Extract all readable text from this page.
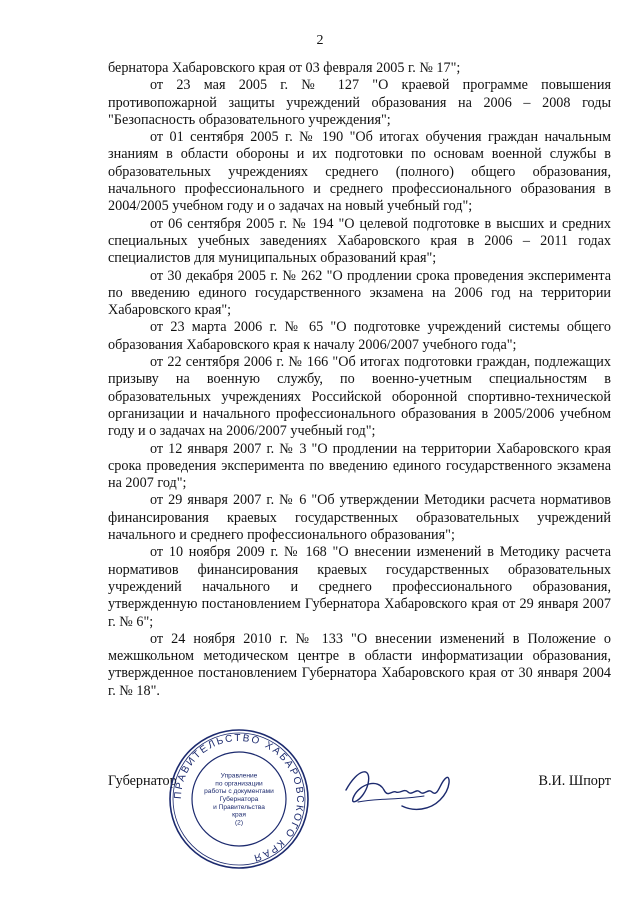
2

бернатора Хабаровского края от 03 февраля 2005 г. № 17";

от 23 мая 2005 г. № 127 "О краевой программе повышения противопожарной защиты учреждений образования на 2006 – 2008 годы "Безопасность образовательного учреждения";

от 01 сентября 2005 г. № 190 "Об итогах обучения граждан начальным знаниям в области обороны и их подготовки по основам военной службы в образовательных учреждениях среднего (полного) общего образования, начального профессионального и среднего профессионального образования в 2004/2005 учебном году и о задачах на новый учебный год";

от 06 сентября 2005 г. № 194 "О целевой подготовке в высших и средних специальных учебных заведениях Хабаровского края в 2006 – 2011 годах специалистов для муниципальных образований края";

от 30 декабря 2005 г. № 262 "О продлении срока проведения эксперимента по введению единого государственного экзамена на 2006 год на территории Хабаровского края";

от 23 марта 2006 г. № 65 "О подготовке учреждений системы общего образования Хабаровского края к началу 2006/2007 учебного года";

от 22 сентября 2006 г. № 166 "Об итогах подготовки граждан, подлежащих призыву на военную службу, по военно-учетным специальностям в образовательных учреждениях Российской оборонной спортивно-технической организации и начального профессионального образования в 2005/2006 учебном году и о задачах на 2006/2007 учебный год";

от 12 января 2007 г. № 3 "О продлении на территории Хабаровского края срока проведения эксперимента по введению единого государственного экзамена на 2007 год";

от 29 января 2007 г. № 6 "Об утверждении Методики расчета нормативов финансирования краевых государственных образовательных учреждений начального и среднего профессионального образования";

от 10 ноября 2009 г. № 168 "О внесении изменений в Методику расчета нормативов финансирования краевых государственных образовательных учреждений начального и среднего профессионального образования, утвержденную постановлением Губернатора Хабаровского края от 29 января 2007 г. № 6";

от 24 ноября 2010 г. № 133 "О внесении изменений в Положение о межшкольном методическом центре в области информатизации образования, утвержденное постановлением Губернатора Хабаровского края от 30 января 2004 г. № 18".

Губернатор	В.И. Шпорт
ПРАВИТЕЛЬСТВО ХАБАРОВСКОГО КРАЯ
Управление
по организации
работы с документами
Губернатора
и Правительства
края
(2)
